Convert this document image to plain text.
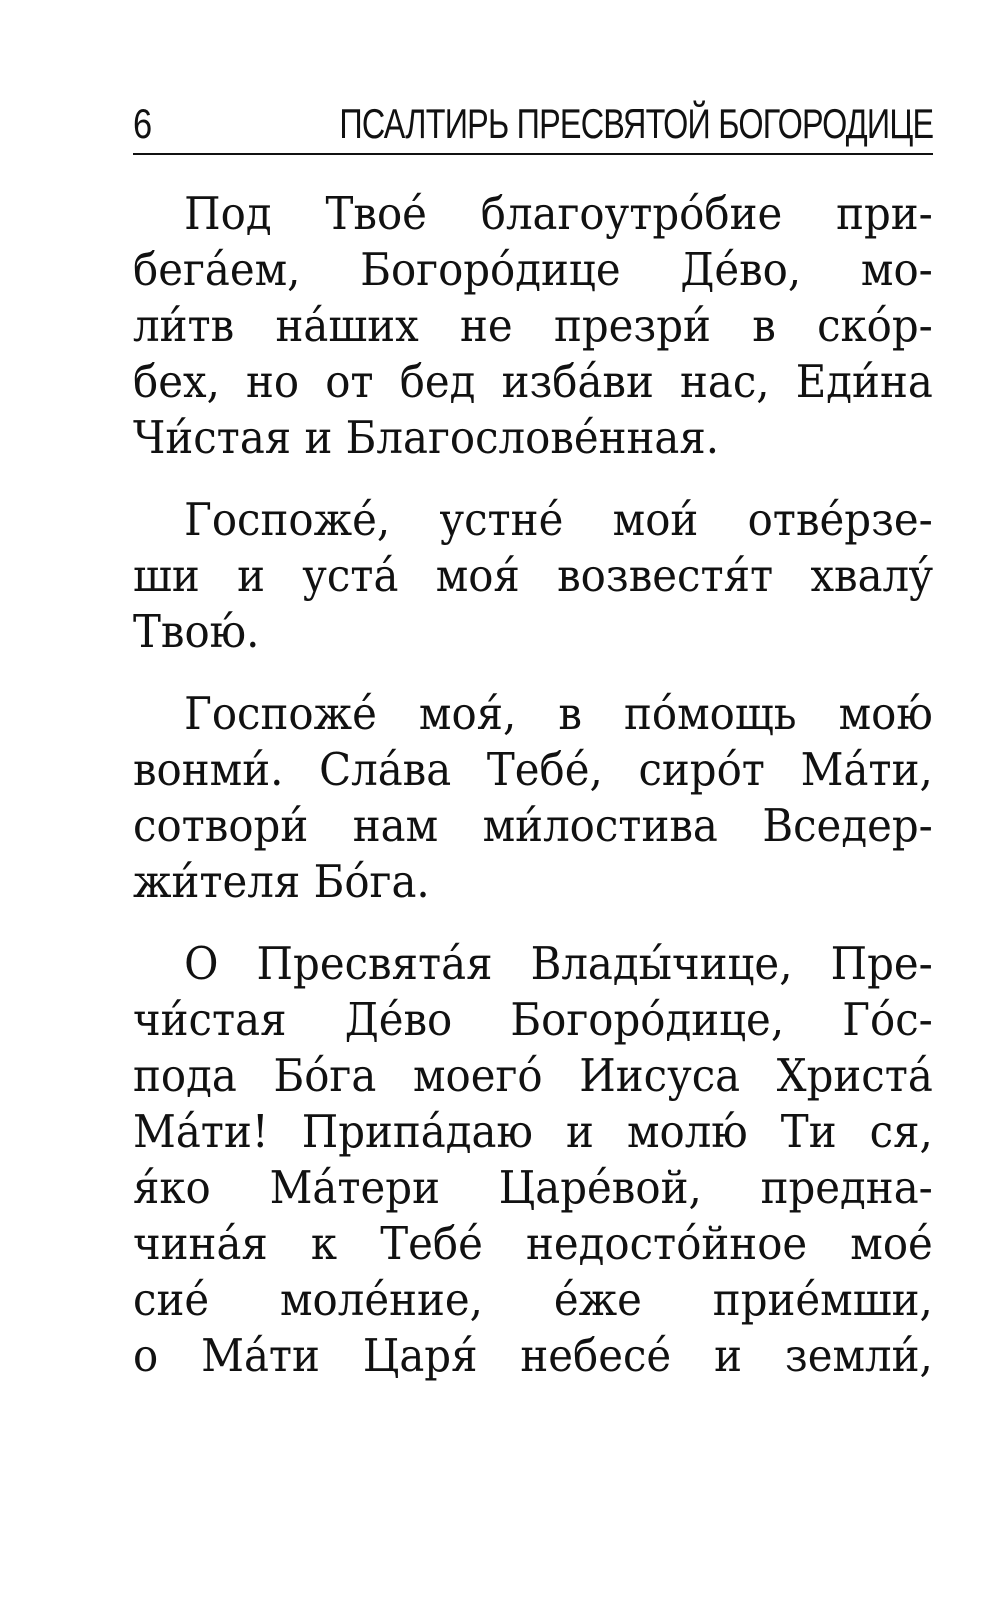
6	ПСАЛТИРЬ ПРЕСВЯТОЙ БОГОРОДИЦЕ
Под Твоé благоутрóбие при-
бегáем, Богорóдице Дéво, мо-
ли́тв нáших не презри́ в скóр-
бех, но от бед избáви нас, Еди́на
Чи́стая и Благословéнная.
Госпожé, устнé мои́ отвéрзе-
ши и устá моя́ возвестя́т хвалý
Твою́.
Госпожé моя́, в пóмощь мою́
вонми́. Слáва Тебé, сирóт Мáти,
сотвори́ нам ми́лостива Вседер-
жи́теля Бóга.
О Пресвятáя Влады́чице, Пре-
чи́стая Дéво Богорóдице, Гóс-
пода Бóга моегó Иисуса Христá
Мáти! Припáдаю и молю́ Ти ся,
я́ко Мáтери Царéвой, предна-
чинáя к Тебé недостóйное моé
сиé молéние, éже приéмши,
о Мáти Царя́ небесé и земли́,
